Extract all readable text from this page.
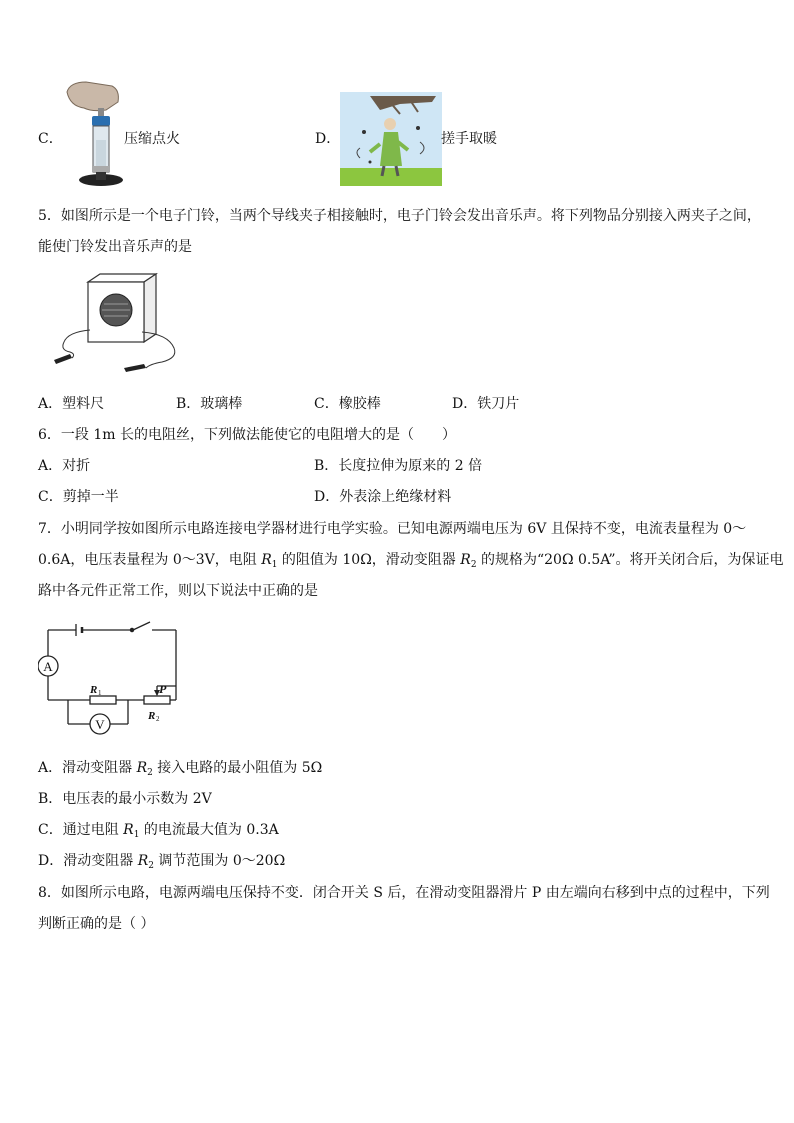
C．	压缩点火	D．	搓手取暖
5．如图所示是一个电子门铃，当两个导线夹子相接触时，电子门铃会发出音乐声。将下列物品分别接入两夹子之间，
能使门铃发出音乐声的是
A．塑料尺	B．玻璃棒	C．橡胶棒	D．铁刀片
6．一段 1m 长的电阻丝，下列做法能使它的电阻增大的是（　　）
A．对折	B．长度拉伸为原来的 2 倍
C．剪掉一半	D．外表涂上绝缘材料
7．小明同学按如图所示电路连接电学器材进行电学实验。已知电源两端电压为 6V 且保持不变，电流表量程为 0～
0.6A，电压表量程为 0～3V，电阻 $R_1$ 的阻值为 10Ω，滑动变阻器 $R_2$ 的规格为“20Ω 0.5A”。将开关闭合后，为保证电
路中各元件正常工作，则以下说法中正确的是
A
V
R 1
R 2
P
A．滑动变阻器 $R_2$ 接入电路的最小阻值为 5Ω
B．电压表的最小示数为 2V
C．通过电阻 $R_1$ 的电流最大值为 0.3A
D．滑动变阻器 $R_2$ 调节范围为 0～20Ω
8．如图所示电路，电源两端电压保持不变．闭合开关 S 后，在滑动变阻器滑片 P 由左端向右移到中点的过程中，下列
判断正确的是（ ）
